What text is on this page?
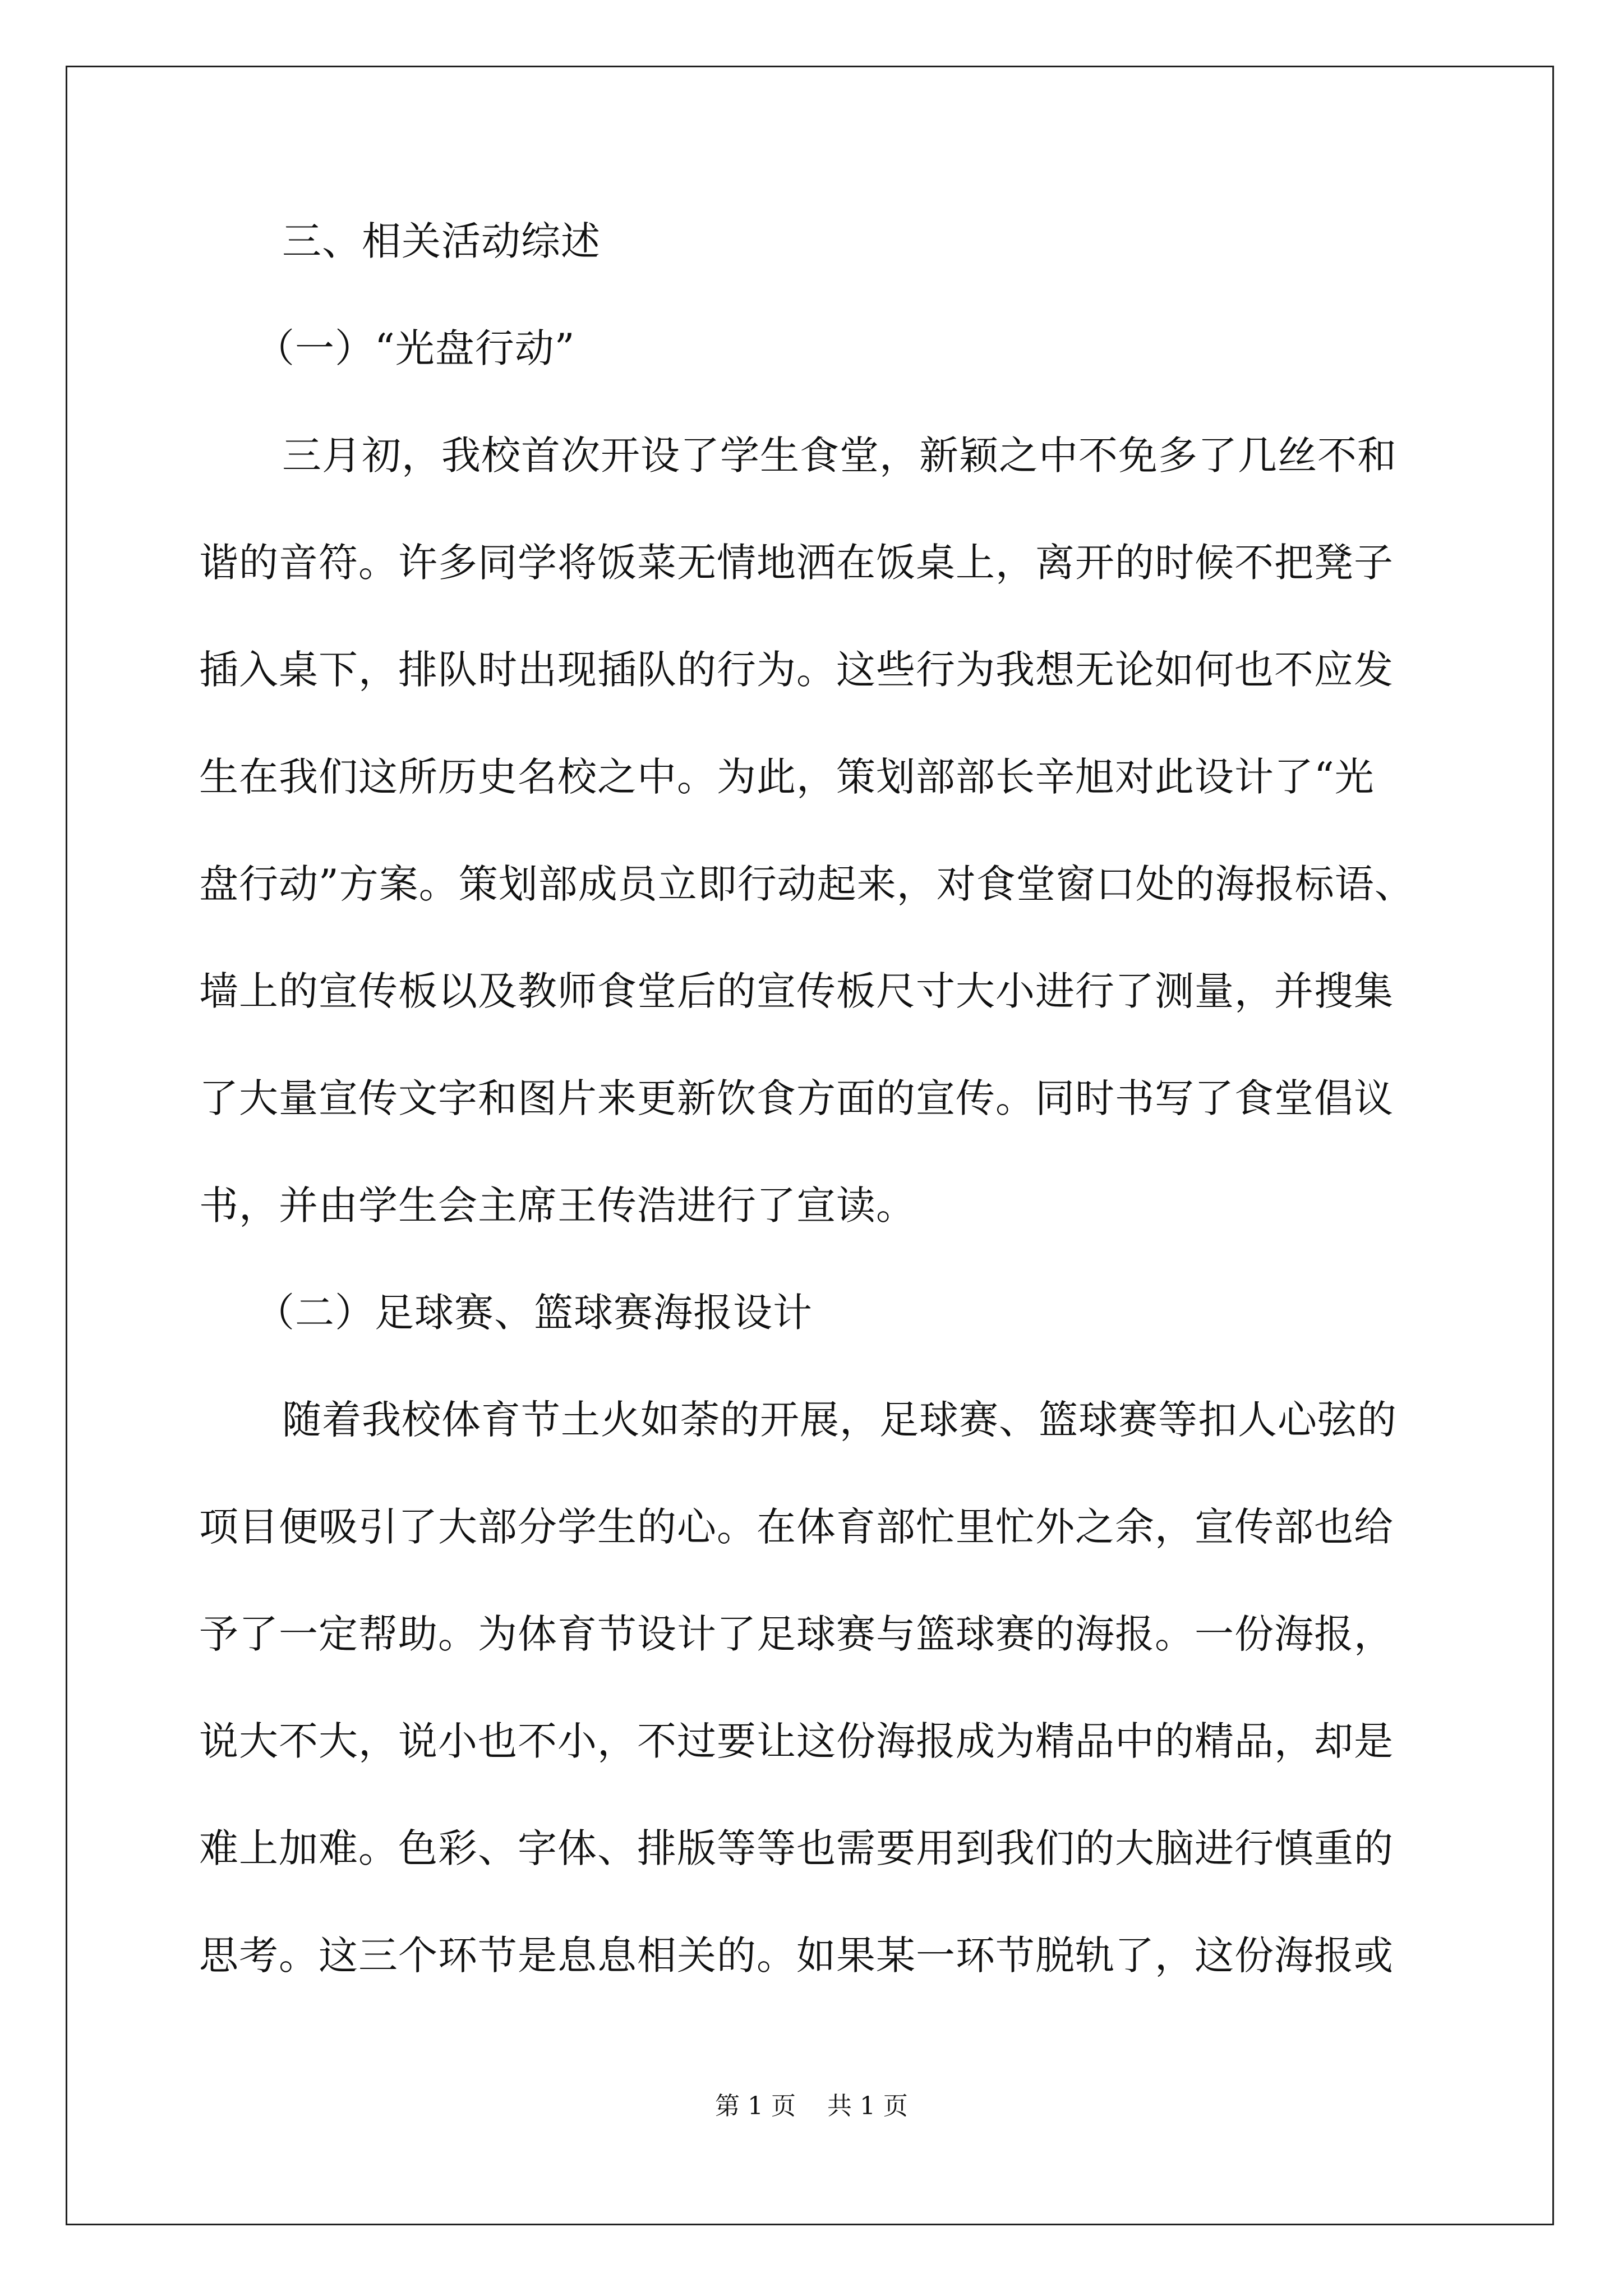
三、相关活动综述
（一）“光盘行动”
三月初，我校首次开设了学生食堂，新颖之中不免多了几丝不和
谐的音符。许多同学将饭菜无情地洒在饭桌上，离开的时候不把凳子
插入桌下，排队时出现插队的行为。这些行为我想无论如何也不应发
生在我们这所历史名校之中。为此，策划部部长辛旭对此设计了“光
盘行动”方案。策划部成员立即行动起来，对食堂窗口处的海报标语、
墙上的宣传板以及教师食堂后的宣传板尺寸大小进行了测量，并搜集
了大量宣传文字和图片来更新饮食方面的宣传。同时书写了食堂倡议
书，并由学生会主席王传浩进行了宣读。
（二）足球赛、篮球赛海报设计
随着我校体育节土火如荼的开展，足球赛、篮球赛等扣人心弦的
项目便吸引了大部分学生的心。在体育部忙里忙外之余，宣传部也给
予了一定帮助。为体育节设计了足球赛与篮球赛的海报。一份海报，
说大不大，说小也不小，不过要让这份海报成为精品中的精品，却是
难上加难。色彩、字体、排版等等也需要用到我们的大脑进行慎重的
思考。这三个环节是息息相关的。如果某一环节脱轨了，这份海报或
第 1 页    共 1 页
